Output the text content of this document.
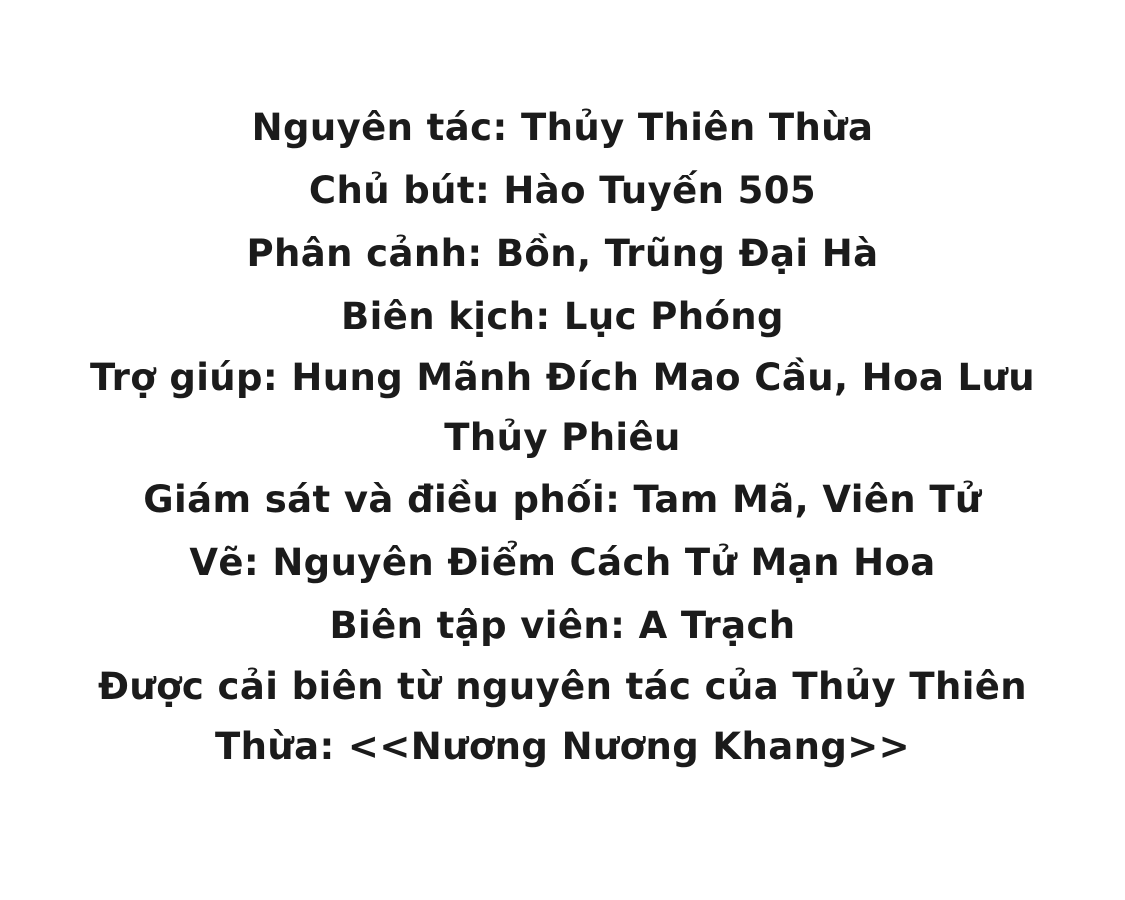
Nguyên tác: Thủy Thiên Thừa
Chủ bút: Hào Tuyến 505
Phân cảnh: Bồn, Trũng Đại Hà
Biên kịch: Lục Phóng
Trợ giúp: Hung Mãnh Đích Mao Cầu, Hoa Lưu Thủy Phiêu
Giám sát và điều phối: Tam Mã, Viên Tử
Vẽ: Nguyên Điểm Cách Tử Mạn Hoa
Biên tập viên: A Trạch
Được cải biên từ nguyên tác của Thủy Thiên Thừa: <<Nương Nương Khang>>
